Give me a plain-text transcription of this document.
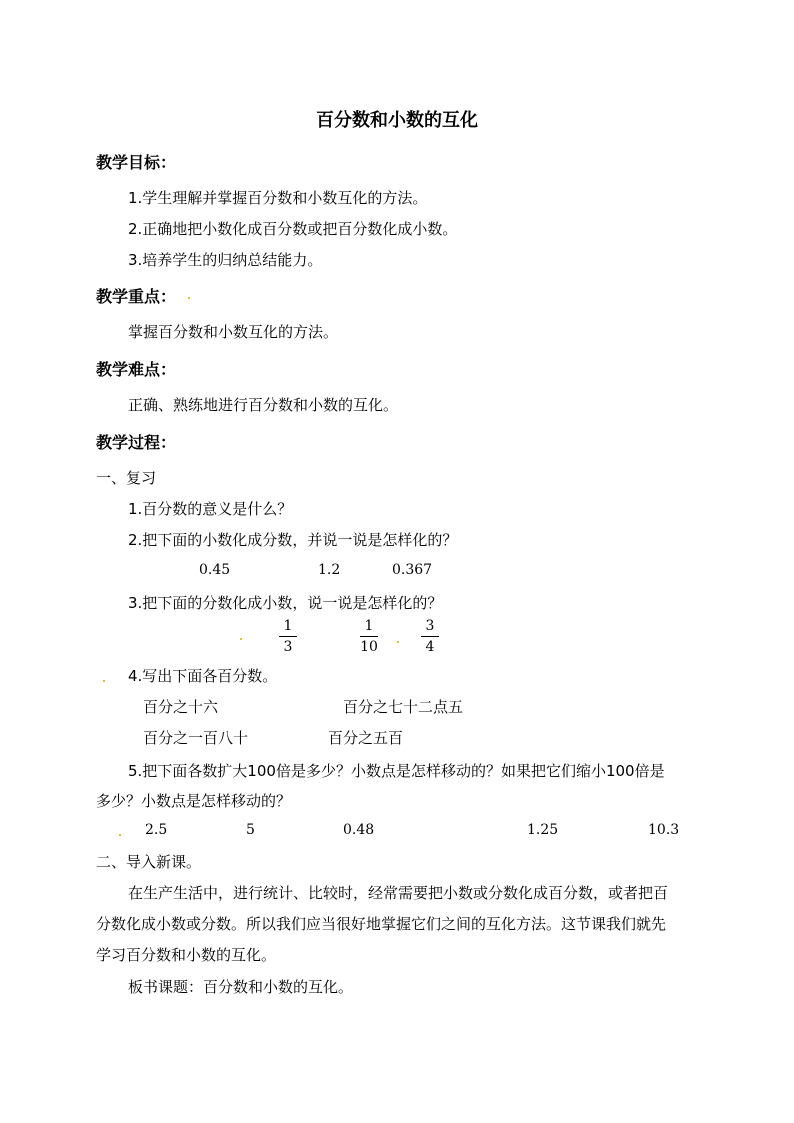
百分数和小数的互化
教学目标：
1.学生理解并掌握百分数和小数互化的方法。
2.正确地把小数化成百分数或把百分数化成小数。
3.培养学生的归纳总结能力。
教学重点：
掌握百分数和小数互化的方法。
教学难点：
正确、熟练地进行百分数和小数的互化。
教学过程：
一、复习
1.百分数的意义是什么？
2.把下面的小数化成分数，并说一说是怎样化的？
0.45	1.2	0.367
3.把下面的分数化成小数，说一说是怎样化的？
1
3
1
10
3
4
4.写出下面各百分数。
百分之十六	百分之七十二点五
百分之一百八十	百分之五百
5.把下面各数扩大100倍是多少？小数点是怎样移动的？如果把它们缩小100倍是
多少？小数点是怎样移动的？
2.5	5	0.48	1.25	10.3
二、导入新课。
在生产生活中，进行统计、比较时，经常需要把小数或分数化成百分数，或者把百
分数化成小数或分数。所以我们应当很好地掌握它们之间的互化方法。这节课我们就先
学习百分数和小数的互化。
板书课题：百分数和小数的互化。
